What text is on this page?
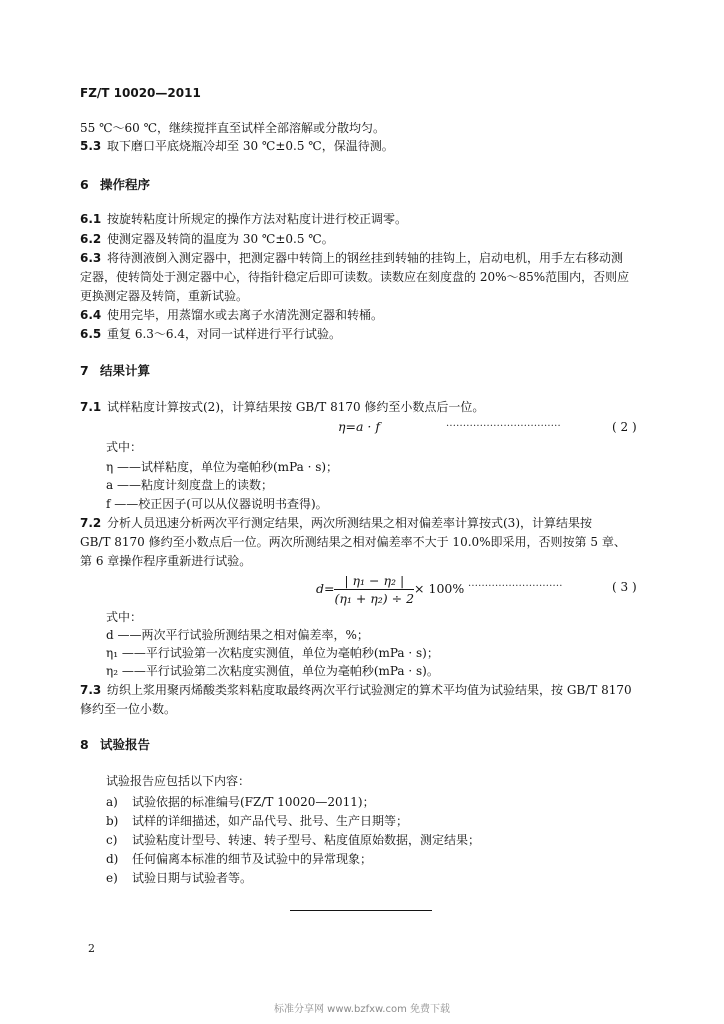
FZ/T 10020—2011
55 ℃～60 ℃，继续搅拌直至试样全部溶解或分散均匀。
5.3 取下磨口平底烧瓶冷却至 30 ℃±0.5 ℃，保温待测。
6 操作程序
6.1 按旋转粘度计所规定的操作方法对粘度计进行校正调零。
6.2 使测定器及转筒的温度为 30 ℃±0.5 ℃。
6.3 将待测液倒入测定器中，把测定器中转筒上的钢丝挂到转轴的挂钩上，启动电机，用手左右移动测
定器，使转筒处于测定器中心，待指针稳定后即可读数。读数应在刻度盘的 20%～85%范围内，否则应
更换测定器及转筒，重新试验。
6.4 使用完毕，用蒸馏水或去离子水清洗测定器和转桶。
6.5 重复 6.3～6.4，对同一试样进行平行试验。
7 结果计算
7.1 试样粘度计算按式(2)，计算结果按 GB/T 8170 修约至小数点后一位。
η=a · f	··································	( 2 )
式中：
η ——试样粘度，单位为毫帕秒(mPa · s)；
a ——粘度计刻度盘上的读数；
f ——校正因子(可以从仪器说明书查得)。
7.2 分析人员迅速分析两次平行测定结果，两次所测结果之相对偏差率计算按式(3)，计算结果按
GB/T 8170 修约至小数点后一位。两次所测结果之相对偏差率不大于 10.0%即采用，否则按第 5 章、
第 6 章操作程序重新进行试验。
$d= \frac{\text{| η₁ − η₂ |}}{\text{(η₁ + η₂) ÷ 2}} \times 100\%$ ····························	( 3 )
式中：
d ——两次平行试验所测结果之相对偏差率，%；
η₁ ——平行试验第一次粘度实测值，单位为毫帕秒(mPa · s)；
η₂ ——平行试验第二次粘度实测值，单位为毫帕秒(mPa · s)。
7.3 纺织上浆用聚丙烯酸类浆料粘度取最终两次平行试验测定的算术平均值为试验结果，按 GB/T 8170
修约至一位小数。
8 试验报告
试验报告应包括以下内容：
a) 试验依据的标准编号(FZ/T 10020—2011)；
b) 试样的详细描述，如产品代号、批号、生产日期等；
c) 试验粘度计型号、转速、转子型号、粘度值原始数据，测定结果；
d) 任何偏离本标准的细节及试验中的异常现象；
e) 试验日期与试验者等。
2
标准分享网 www.bzfxw.com 免费下载
